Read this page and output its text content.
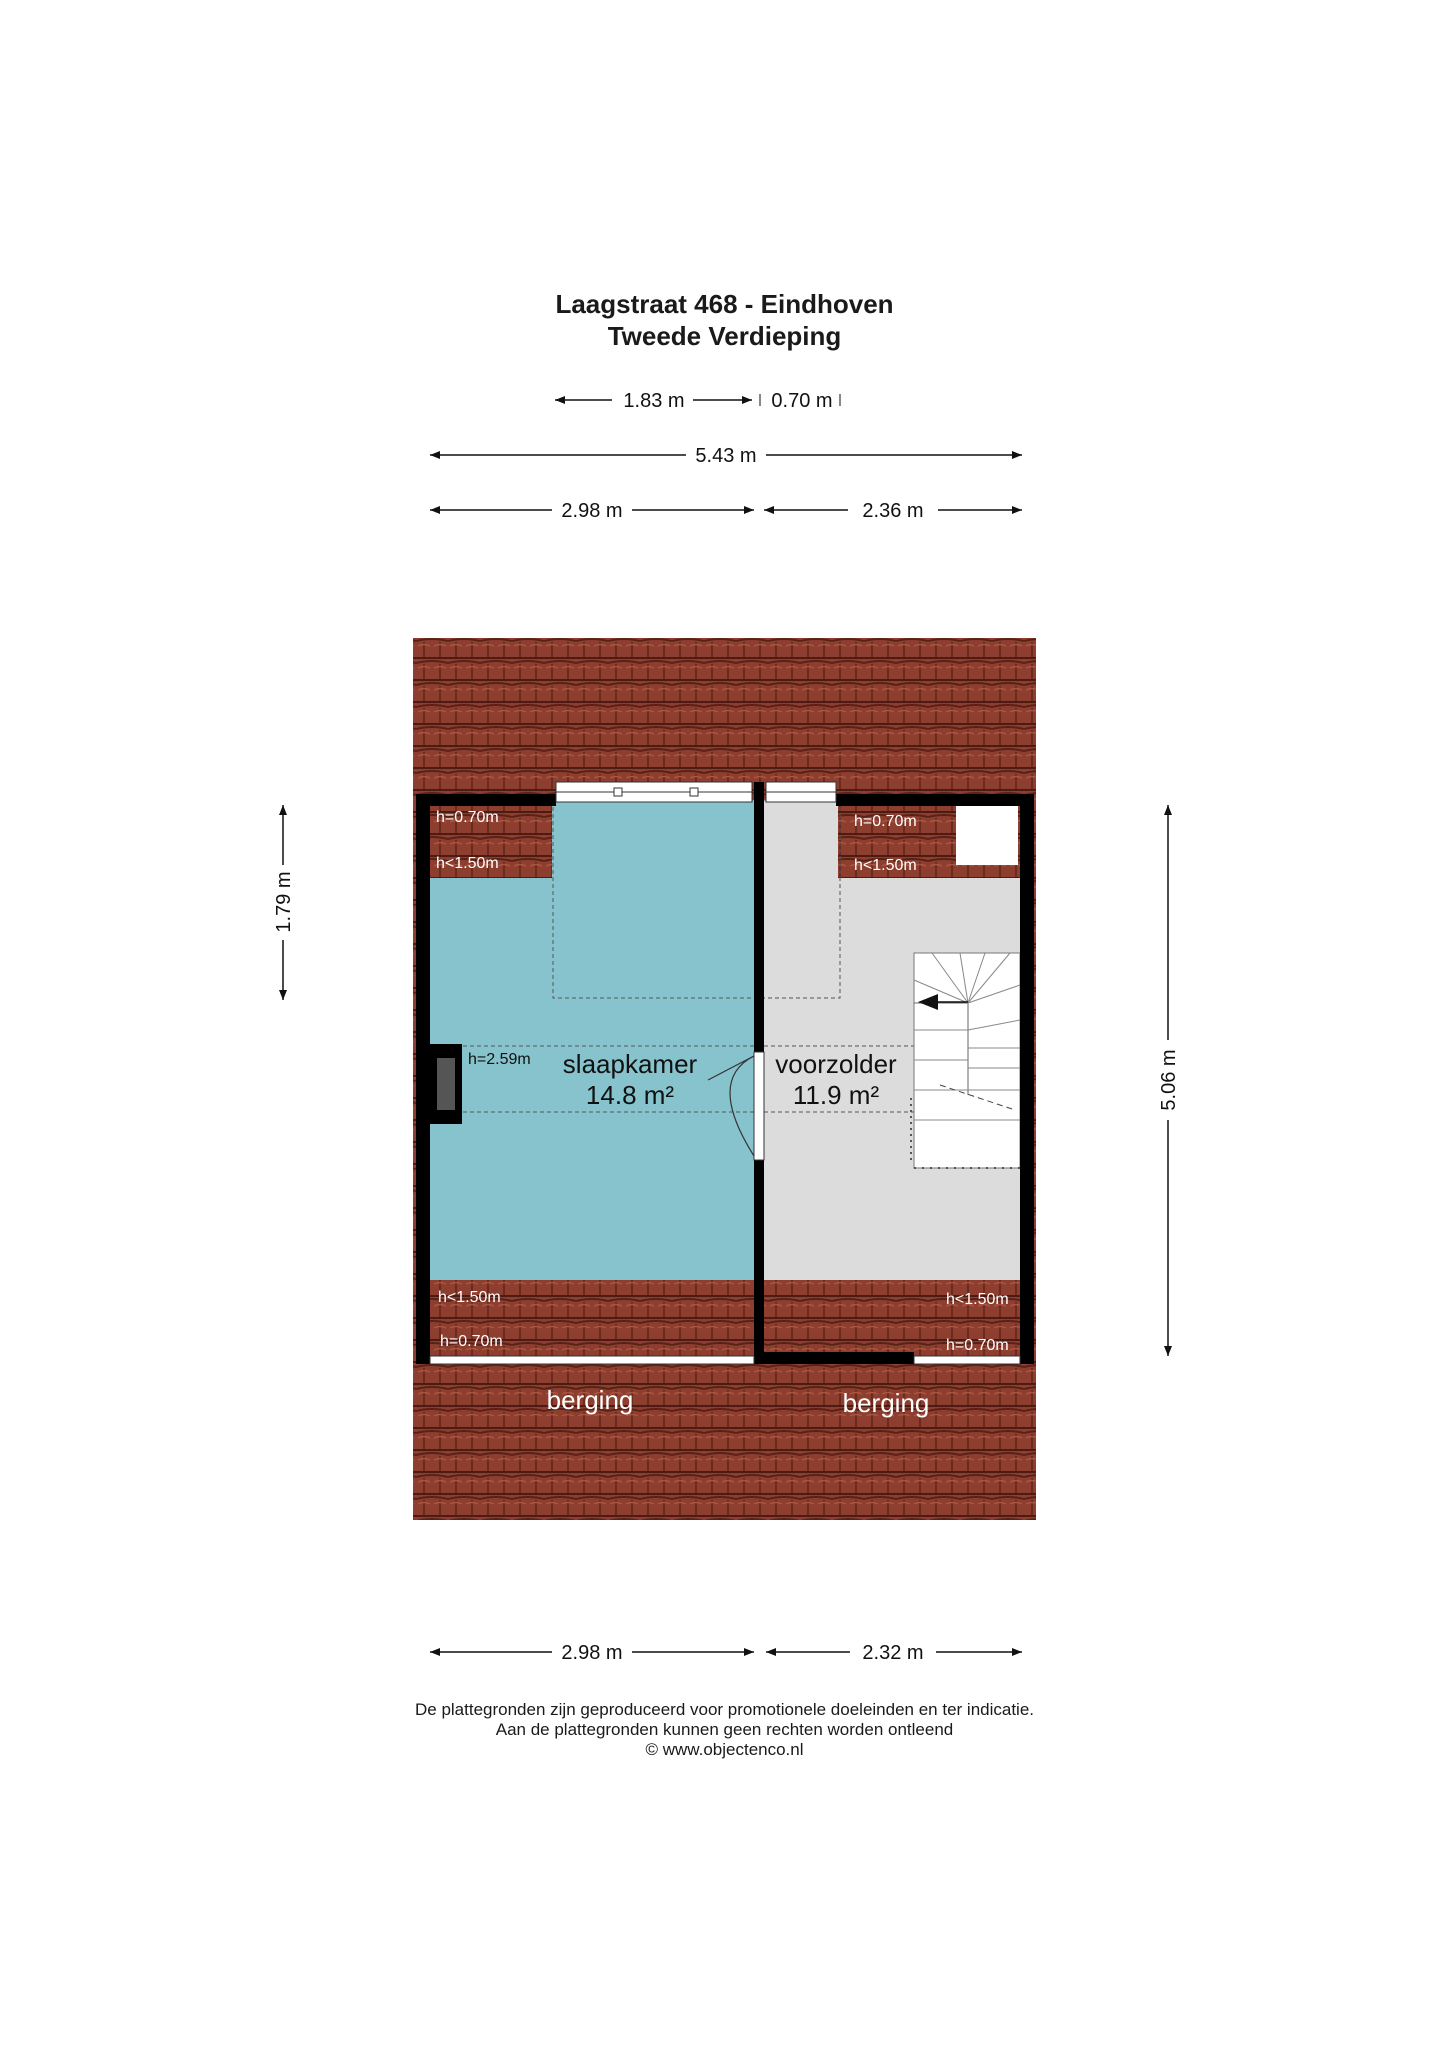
Laagstraat 468 - Eindhoven
Tweede Verdieping
1.83 m	0.70 m
5.43 m
2.98 m	2.36 m
1.79 m
5.06 m
2.98 m	2.32 m
h=0.70m
h<1.50m
h=0.70m
h<1.50m
h=2.59m
h<1.50m
h=0.70m
h<1.50m
h=0.70m
slaapkamer
14.8 m²
voorzolder
11.9 m²
berging	berging
De plattegronden zijn geproduceerd voor promotionele doeleinden en ter indicatie.
Aan de plattegronden kunnen geen rechten worden ontleend
© www.objectenco.nl
